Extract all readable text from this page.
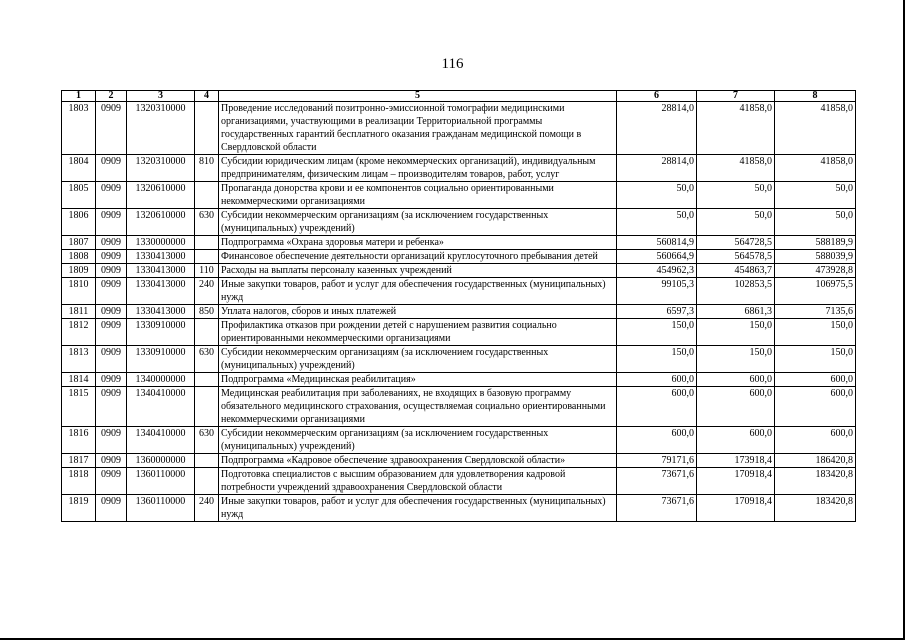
116
1	2	3	4	5	6	7	8
1803	0909	1320310000		Проведение исследований позитронно-эмиссионной томографии медицинскими организациями, участвующими в реализации Территориальной программы государственных гарантий бесплатного оказания гражданам медицинской помощи в Свердловской области	28814,0	41858,0	41858,0
1804	0909	1320310000	810	Субсидии юридическим лицам (кроме некоммерческих организаций), индивидуальным предпринимателям, физическим лицам – производителям товаров, работ, услуг	28814,0	41858,0	41858,0
1805	0909	1320610000		Пропаганда донорства крови и ее компонентов социально ориентированными некоммерческими организациями	50,0	50,0	50,0
1806	0909	1320610000	630	Субсидии некоммерческим организациям (за исключением государственных (муниципальных) учреждений)	50,0	50,0	50,0
1807	0909	1330000000		Подпрограмма «Охрана здоровья матери и ребенка»	560814,9	564728,5	588189,9
1808	0909	1330413000		Финансовое обеспечение деятельности организаций круглосуточного пребывания детей	560664,9	564578,5	588039,9
1809	0909	1330413000	110	Расходы на выплаты персоналу казенных учреждений	454962,3	454863,7	473928,8
1810	0909	1330413000	240	Иные закупки товаров, работ и услуг для обеспечения государственных (муниципальных) нужд	99105,3	102853,5	106975,5
1811	0909	1330413000	850	Уплата налогов, сборов и иных платежей	6597,3	6861,3	7135,6
1812	0909	1330910000		Профилактика отказов при рождении детей с нарушением развития социально ориентированными некоммерческими организациями	150,0	150,0	150,0
1813	0909	1330910000	630	Субсидии некоммерческим организациям (за исключением государственных (муниципальных) учреждений)	150,0	150,0	150,0
1814	0909	1340000000		Подпрограмма «Медицинская реабилитация»	600,0	600,0	600,0
1815	0909	1340410000		Медицинская реабилитация при заболеваниях, не входящих в базовую программу обязательного медицинского страхования, осуществляемая социально ориентированными некоммерческими организациями	600,0	600,0	600,0
1816	0909	1340410000	630	Субсидии некоммерческим организациям (за исключением государственных (муниципальных) учреждений)	600,0	600,0	600,0
1817	0909	1360000000		Подпрограмма «Кадровое обеспечение здравоохранения Свердловской области»	79171,6	173918,4	186420,8
1818	0909	1360110000		Подготовка специалистов с высшим образованием для удовлетворения кадровой потребности учреждений здравоохранения Свердловской области	73671,6	170918,4	183420,8
1819	0909	1360110000	240	Иные закупки товаров, работ и услуг для обеспечения государственных (муниципальных) нужд	73671,6	170918,4	183420,8
